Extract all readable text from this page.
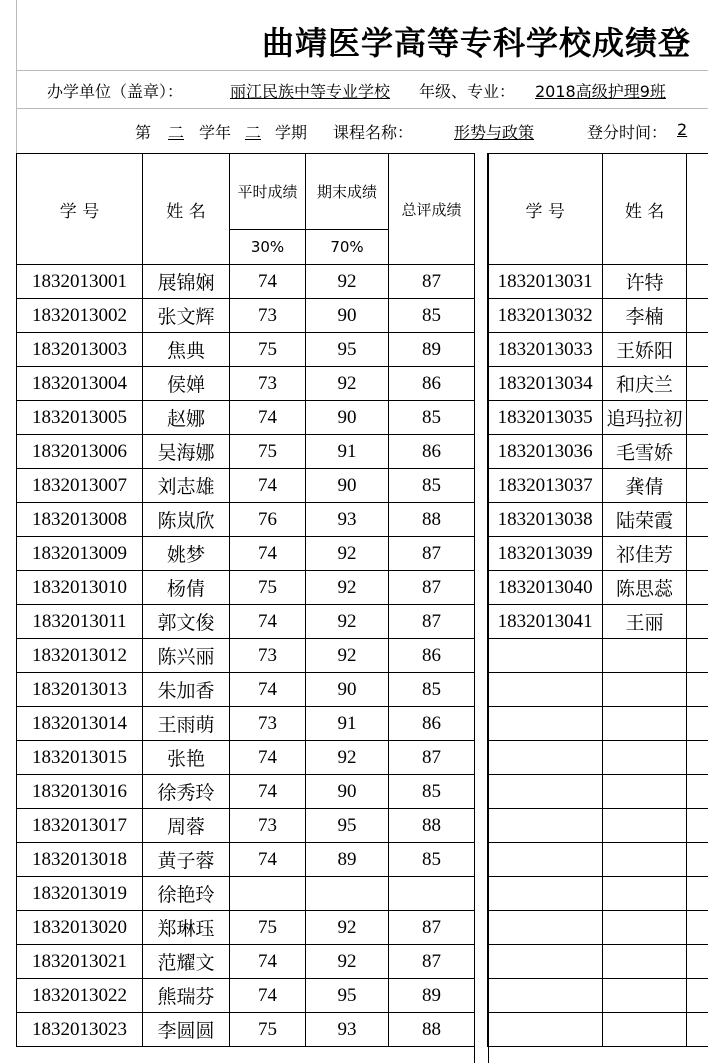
曲靖医学高等专科学校成绩登
办学单位（盖章）：	丽江民族中等专业学校 年级、专业： 2018高级护理9班
第	二 学年 二 学期 课程名称：	形势与政策	登分时间： 2
学 号	姓 名	平时成绩	期末成绩	总评成绩
		30%	70%	
1832013001	展锦娴	74	92	87
1832013002	张文辉	73	90	85
1832013003	焦典	75	95	89
1832013004	侯婵	73	92	86
1832013005	赵娜	74	90	85
1832013006	吴海娜	75	91	86
1832013007	刘志雄	74	90	85
1832013008	陈岚欣	76	93	88
1832013009	姚梦	74	92	87
1832013010	杨倩	75	92	87
1832013011	郭文俊	74	92	87
1832013012	陈兴丽	73	92	86
1832013013	朱加香	74	90	85
1832013014	王雨萌	73	91	86
1832013015	张艳	74	92	87
1832013016	徐秀玲	74	90	85
1832013017	周蓉	73	95	88
1832013018	黄子蓉	74	89	85
1832013019	徐艳玲			
1832013020	郑琳珏	75	92	87
1832013021	范耀文	74	92	87
1832013022	熊瑞芬	74	95	89
1832013023	李圆圆	75	93	88
学 号	姓 名	
1832013031	许特	
1832013032	李楠	
1832013033	王娇阳	
1832013034	和庆兰	
1832013035	追玛拉初	
1832013036	毛雪娇	
1832013037	龚倩	
1832013038	陆荣霞	
1832013039	祁佳芳	
1832013040	陈思蕊	
1832013041	王丽	
